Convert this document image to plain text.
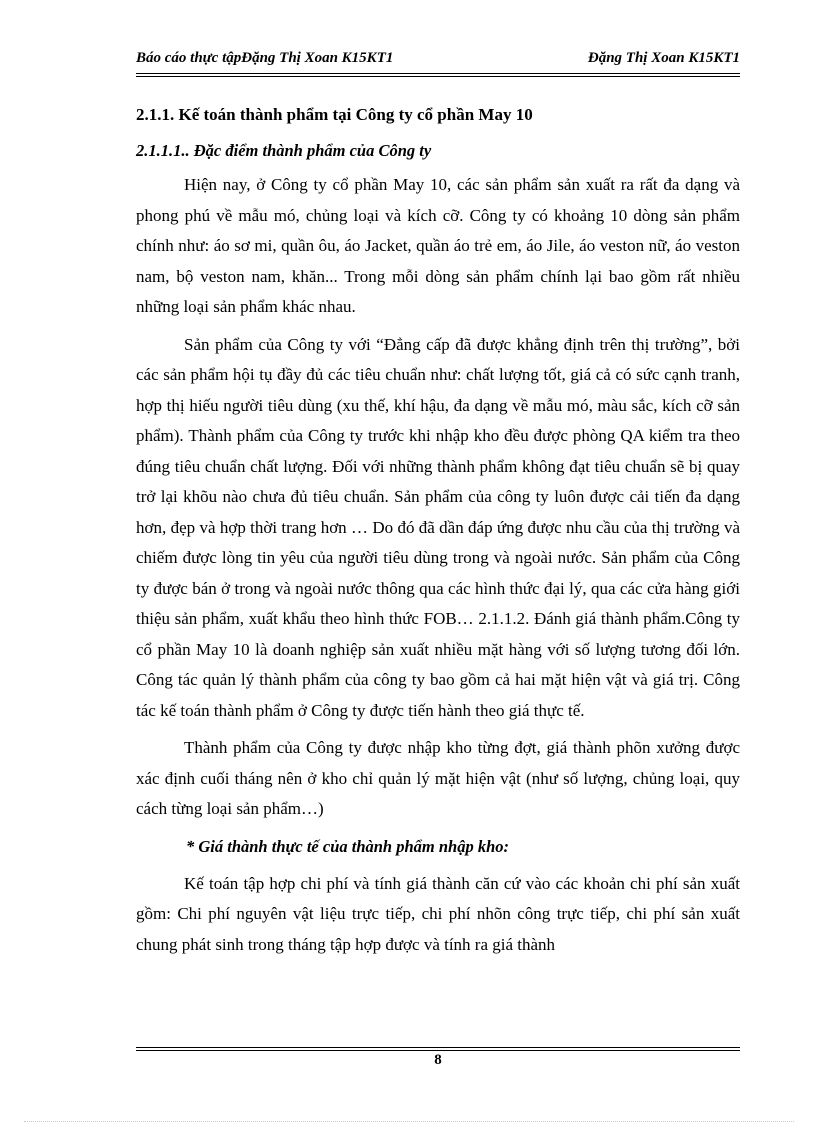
Báo cáo thực tậpĐặng Thị Xoan K15KT1	Đặng Thị Xoan K15KT1

2.1.1. Kế toán thành phẩm tại Công ty cổ phần May 10

2.1.1.1.. Đặc điểm thành phẩm của Công ty

Hiện nay, ở Công ty cổ phần May 10, các sản phẩm sản xuất ra rất đa dạng và phong phú về mẫu mó, chủng loại và kích cỡ. Công ty có khoảng 10 dòng sản phẩm chính như: áo sơ mi, quần ôu, áo Jacket, quần áo trẻ em, áo Jile, áo veston nữ, áo veston nam, bộ veston nam, khăn... Trong mỗi dòng sản phẩm chính lại bao gồm rất nhiều những loại sản phẩm khác nhau.

Sản phẩm của Công ty với “Đẳng cấp đã được khẳng định trên thị trường”, bởi các sản phẩm hội tụ đầy đủ các tiêu chuẩn như: chất lượng tốt, giá cả có sức cạnh tranh, hợp thị hiếu người tiêu dùng (xu thế, khí hậu, đa dạng về mẫu mó, màu sắc, kích cỡ sản phẩm). Thành phẩm của Công ty trước khi nhập kho đều được phòng QA kiểm tra theo đúng tiêu chuẩn chất lượng. Đối với những thành phẩm không đạt tiêu chuẩn sẽ bị quay trở lại khõu nào chưa đủ tiêu chuẩn. Sản phẩm của công ty luôn được cải tiến đa dạng hơn, đẹp và hợp thời trang hơn … Do đó đã dần đáp ứng được nhu cầu của thị trường và chiếm được lòng tin yêu của người tiêu dùng trong và ngoài nước. Sản phẩm của Công ty được bán ở trong và ngoài nước thông qua các hình thức đại lý, qua các cửa hàng giới thiệu sản phẩm, xuất khẩu theo hình thức FOB… 2.1.1.2. Đánh giá thành phẩm.Công ty cổ phần May 10 là doanh nghiệp sản xuất nhiều mặt hàng với số lượng tương đối lớn. Công tác quản lý thành phẩm của công ty bao gồm cả hai mặt hiện vật và giá trị. Công tác kế toán thành phẩm ở Công ty được tiến hành theo giá thực tế.

Thành phẩm của Công ty được nhập kho từng đợt, giá thành phõn xưởng được xác định cuối tháng nên ở kho chỉ quản lý mặt hiện vật (như số lượng, chủng loại, quy cách từng loại sản phẩm…)

* Giá thành thực tế của thành phẩm nhập kho:

Kế toán tập hợp chi phí và tính giá thành căn cứ vào các khoản chi phí sản xuất gồm: Chi phí nguyên vật liệu trực tiếp, chi phí nhõn công trực tiếp, chi phí sản xuất chung phát sinh trong tháng tập hợp được và tính ra giá thành

8
